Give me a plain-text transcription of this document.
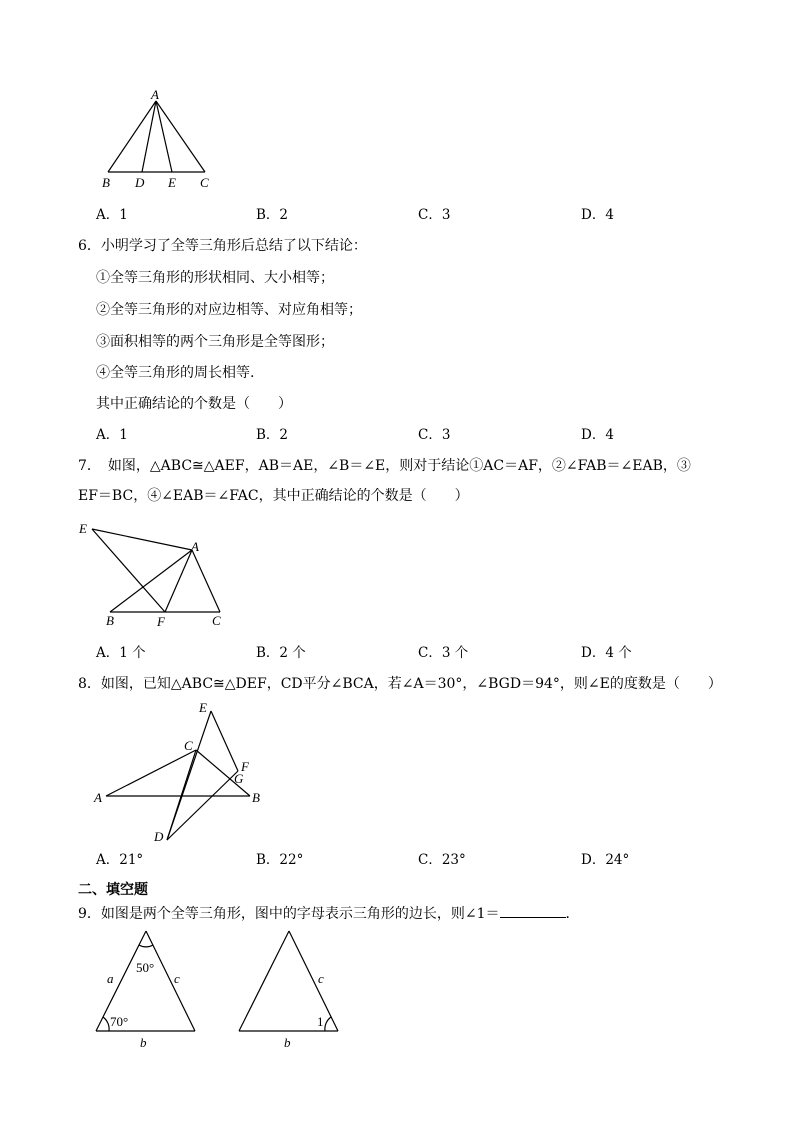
A
B D E C
A．1	B．2	C．3	D．4
6．小明学习了全等三角形后总结了以下结论：
①全等三角形的形状相同、大小相等；
②全等三角形的对应边相等、对应角相等；
③面积相等的两个三角形是全等图形；
④全等三角形的周长相等.
其中正确结论的个数是（　　）
A．1	B．2	C．3	D．4
7．　如图，△ABC≅△AEF，AB＝AE，∠B＝∠E，则对于结论①AC＝AF，②∠FAB＝∠EAB，③
EF＝BC，④∠EAB＝∠FAC，其中正确结论的个数是（　　）
E
A
B	F	C
A．1 个	B．2 个	C．3 个	D．4 个
8．如图，已知△ABC≅△DEF，CD平分∠BCA，若∠A＝30°，∠BGD＝94°，则∠E的度数是（　　）
E
C
F
G
A	B
D
A．21°	B．22°	C．23°	D．24°
二、填空题
9．如图是两个全等三角形，图中的字母表示三角形的边长，则∠1＝	．
a	c
b
50°
70°
c
b
1
